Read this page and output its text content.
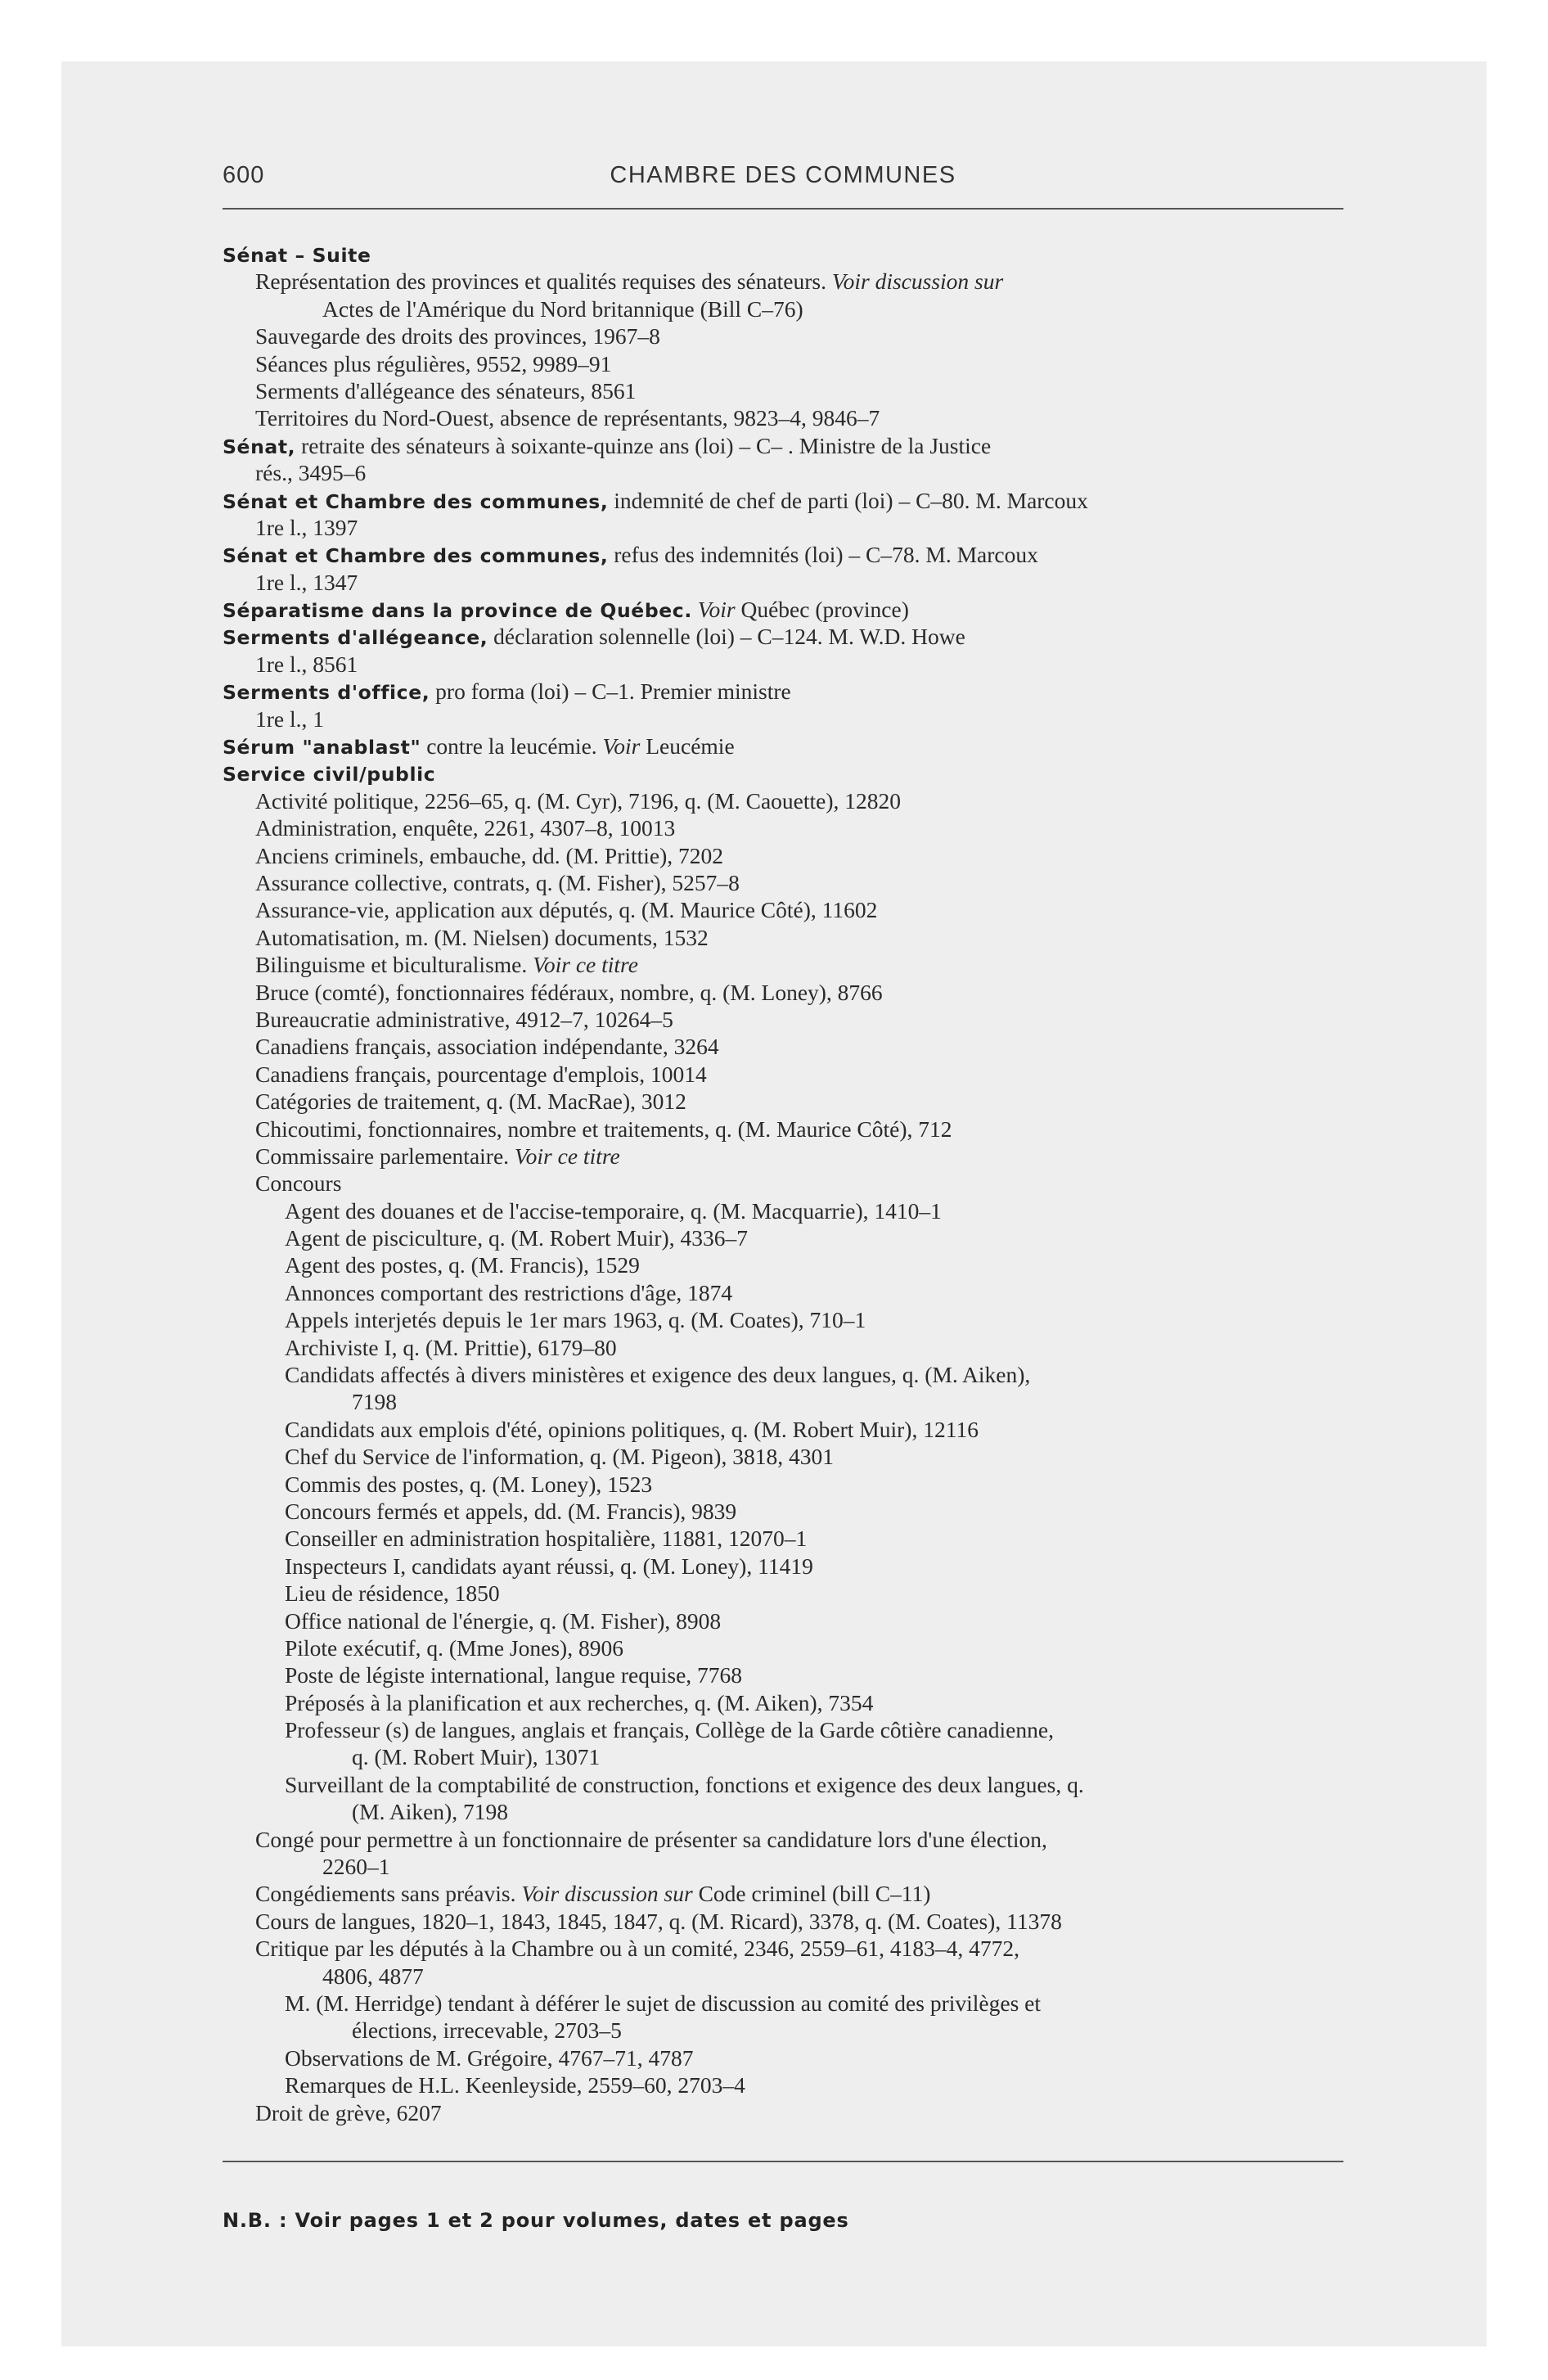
600	CHAMBRE DES COMMUNES
Sénat – Suite
Représentation des provinces et qualités requises des sénateurs. Voir discussion sur
Actes de l'Amérique du Nord britannique (Bill C–76)
Sauvegarde des droits des provinces, 1967–8
Séances plus régulières, 9552, 9989–91
Serments d'allégeance des sénateurs, 8561
Territoires du Nord-Ouest, absence de représentants, 9823–4, 9846–7
Sénat, retraite des sénateurs à soixante-quinze ans (loi) – C– . Ministre de la Justice
rés., 3495–6
Sénat et Chambre des communes, indemnité de chef de parti (loi) – C–80. M. Marcoux
1re l., 1397
Sénat et Chambre des communes, refus des indemnités (loi) – C–78. M. Marcoux
1re l., 1347
Séparatisme dans la province de Québec. Voir Québec (province)
Serments d'allégeance, déclaration solennelle (loi) – C–124. M. W.D. Howe
1re l., 8561
Serments d'office, pro forma (loi) – C–1. Premier ministre
1re l., 1
Sérum "anablast" contre la leucémie. Voir Leucémie
Service civil/public
Activité politique, 2256–65, q. (M. Cyr), 7196, q. (M. Caouette), 12820
Administration, enquête, 2261, 4307–8, 10013
Anciens criminels, embauche, dd. (M. Prittie), 7202
Assurance collective, contrats, q. (M. Fisher), 5257–8
Assurance-vie, application aux députés, q. (M. Maurice Côté), 11602
Automatisation, m. (M. Nielsen) documents, 1532
Bilinguisme et biculturalisme. Voir ce titre
Bruce (comté), fonctionnaires fédéraux, nombre, q. (M. Loney), 8766
Bureaucratie administrative, 4912–7, 10264–5
Canadiens français, association indépendante, 3264
Canadiens français, pourcentage d'emplois, 10014
Catégories de traitement, q. (M. MacRae), 3012
Chicoutimi, fonctionnaires, nombre et traitements, q. (M. Maurice Côté), 712
Commissaire parlementaire. Voir ce titre
Concours
Agent des douanes et de l'accise-temporaire, q. (M. Macquarrie), 1410–1
Agent de pisciculture, q. (M. Robert Muir), 4336–7
Agent des postes, q. (M. Francis), 1529
Annonces comportant des restrictions d'âge, 1874
Appels interjetés depuis le 1er mars 1963, q. (M. Coates), 710–1
Archiviste I, q. (M. Prittie), 6179–80
Candidats affectés à divers ministères et exigence des deux langues, q. (M. Aiken),
7198
Candidats aux emplois d'été, opinions politiques, q. (M. Robert Muir), 12116
Chef du Service de l'information, q. (M. Pigeon), 3818, 4301
Commis des postes, q. (M. Loney), 1523
Concours fermés et appels, dd. (M. Francis), 9839
Conseiller en administration hospitalière, 11881, 12070–1
Inspecteurs I, candidats ayant réussi, q. (M. Loney), 11419
Lieu de résidence, 1850
Office national de l'énergie, q. (M. Fisher), 8908
Pilote exécutif, q. (Mme Jones), 8906
Poste de légiste international, langue requise, 7768
Préposés à la planification et aux recherches, q. (M. Aiken), 7354
Professeur (s) de langues, anglais et français, Collège de la Garde côtière canadienne,
q. (M. Robert Muir), 13071
Surveillant de la comptabilité de construction, fonctions et exigence des deux langues, q.
(M. Aiken), 7198
Congé pour permettre à un fonctionnaire de présenter sa candidature lors d'une élection,
2260–1
Congédiements sans préavis. Voir discussion sur Code criminel (bill C–11)
Cours de langues, 1820–1, 1843, 1845, 1847, q. (M. Ricard), 3378, q. (M. Coates), 11378
Critique par les députés à la Chambre ou à un comité, 2346, 2559–61, 4183–4, 4772,
4806, 4877
M. (M. Herridge) tendant à déférer le sujet de discussion au comité des privilèges et
élections, irrecevable, 2703–5
Observations de M. Grégoire, 4767–71, 4787
Remarques de H.L. Keenleyside, 2559–60, 2703–4
Droit de grève, 6207
N.B. : Voir pages 1 et 2 pour volumes, dates et pages
